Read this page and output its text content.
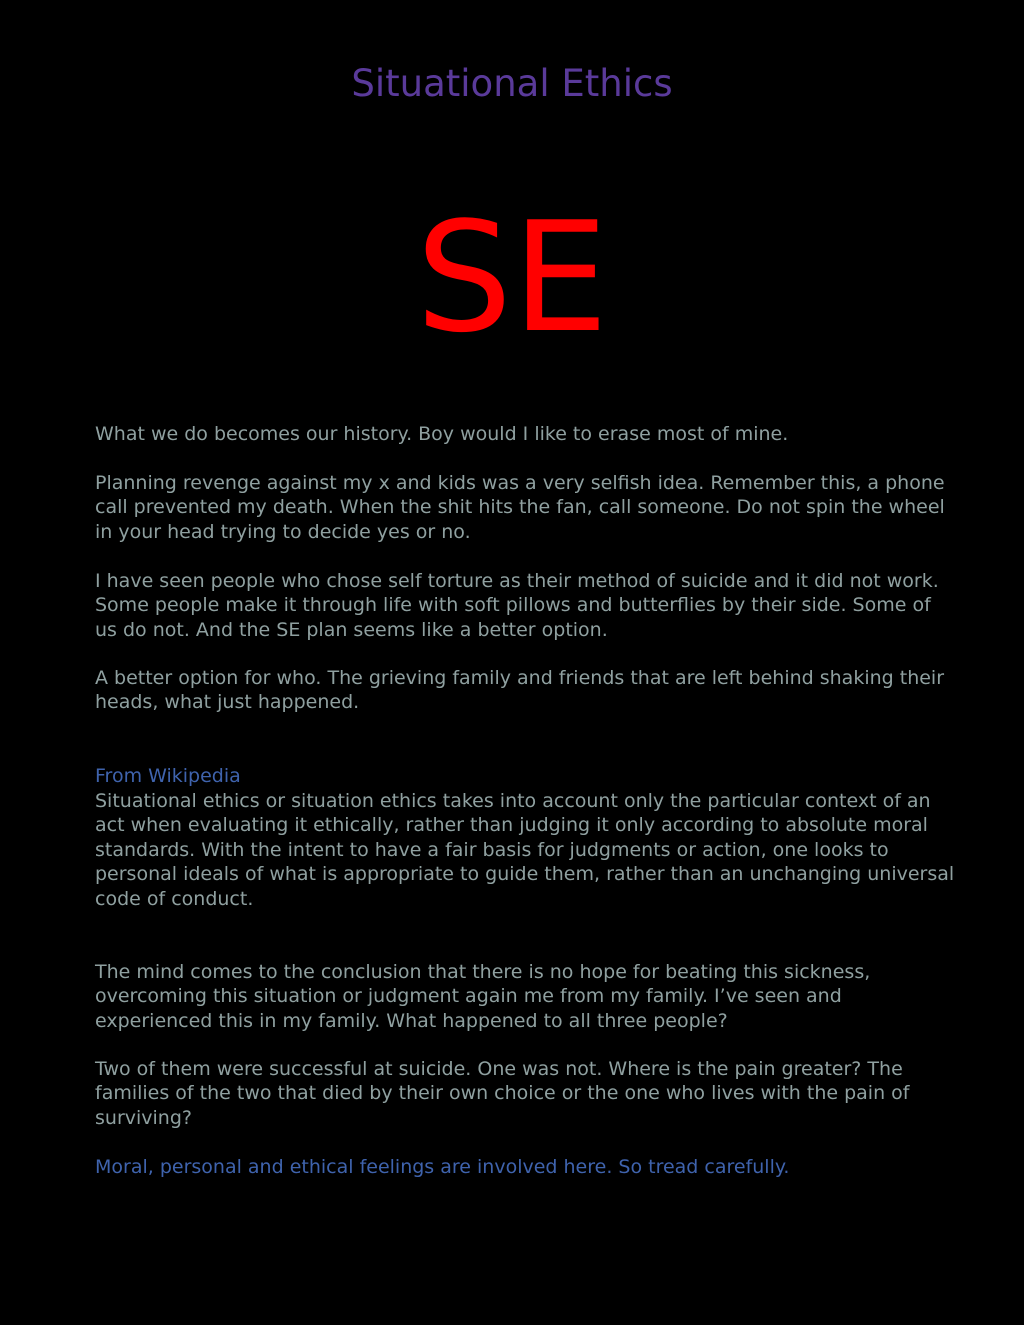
Situational Ethics
SE

What we do becomes our history. Boy would I like to erase most of mine.

Planning revenge against my x and kids was a very selfish idea. Remember this, a phone call prevented my death. When the shit hits the fan, call someone. Do not spin the wheel in your head trying to decide yes or no.

I have seen people who chose self torture as their method of suicide and it did not work. Some people make it through life with soft pillows and butterflies by their side. Some of us do not. And the SE plan seems like a better option.

A better option for who. The grieving family and friends that are left behind shaking their heads, what just happened.

From Wikipedia

Situational ethics or situation ethics takes into account only the particular context of an act when evaluating it ethically, rather than judging it only according to absolute moral standards. With the intent to have a fair basis for judgments or action, one looks to personal ideals of what is appropriate to guide them, rather than an unchanging universal code of conduct.

The mind comes to the conclusion that there is no hope for beating this sickness, overcoming this situation or judgment again me from my family. I’ve seen and experienced this in my family. What happened to all three people?

Two of them were successful at suicide. One was not. Where is the pain greater? The families of the two that died by their own choice or the one who lives with the pain of surviving?

Moral, personal and ethical feelings are involved here. So tread carefully.
